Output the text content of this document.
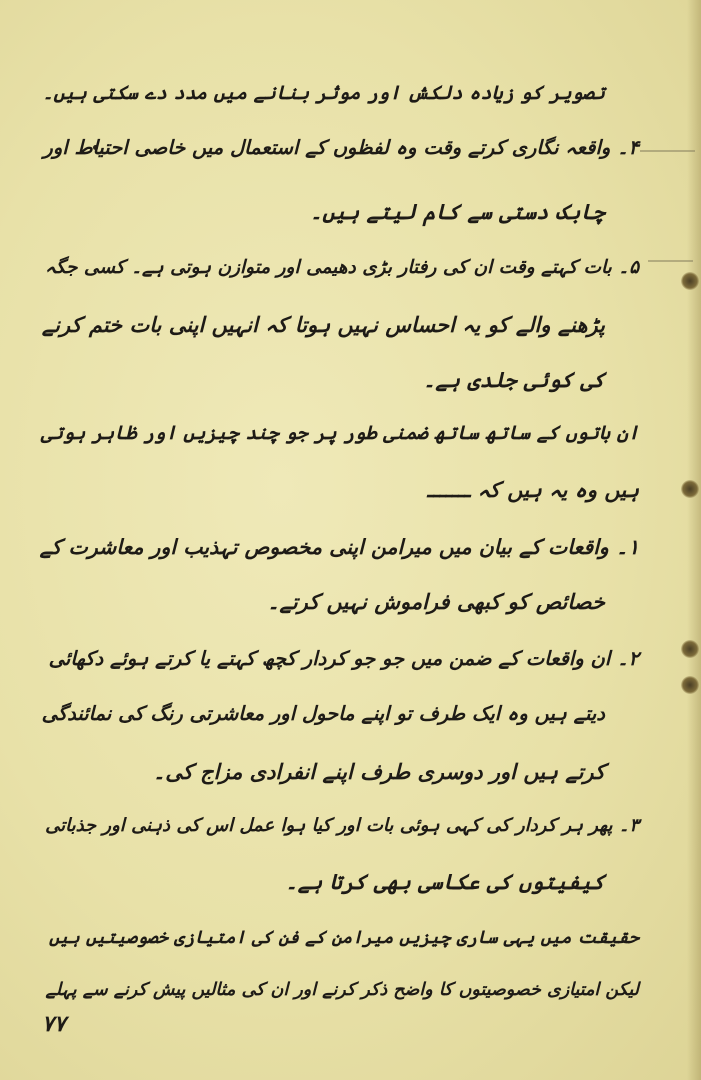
تصویر کو زیادہ دلکش اور موثر بنانے میں مدد دے سکتی ہیں۔
۴۔ واقعہ نگاری کرتے وقت وہ لفظوں کے استعمال میں خاصی احتیاط اور
چابک دستی سے کام لیتے ہیں۔
۵۔ بات کہتے وقت ان کی رفتار بڑی دھیمی اور متوازن ہوتی ہے۔ کسی جگہ
پڑھنے والے کو یہ احساس نہیں ہوتا کہ انہیں اپنی بات ختم کرنے
کی کوئی جلدی ہے۔
ان باتوں کے ساتھ ساتھ ضمنی طور پر جو چند چیزیں اور ظاہر ہوتی
ہیں وہ یہ ہیں کہ ـــــــ
۱۔ واقعات کے بیان میں میرامن اپنی مخصوص تہذیب اور معاشرت کے
خصائص کو کبھی فراموش نہیں کرتے۔
۲۔ ان واقعات کے ضمن میں جو جو کردار کچھ کہتے یا کرتے ہوئے دکھائی
دیتے ہیں وہ ایک طرف تو اپنے ماحول اور معاشرتی رنگ کی نمائندگی
کرتے ہیں اور دوسری طرف اپنے انفرادی مزاج کی۔
۳۔ پھر ہر کردار کی کہی ہوئی بات اور کیا ہوا عمل اس کی ذہنی اور جذباتی
کیفیتوں کی عکاسی بھی کرتا ہے۔
حقیقت میں یہی ساری چیزیں میرامن کے فن کی امتیازی خصوصیتیں ہیں
لیکن امتیازی خصوصیتوں کا واضح ذکر کرنے اور ان کی مثالیں پیش کرنے سے پہلے
۷۷
